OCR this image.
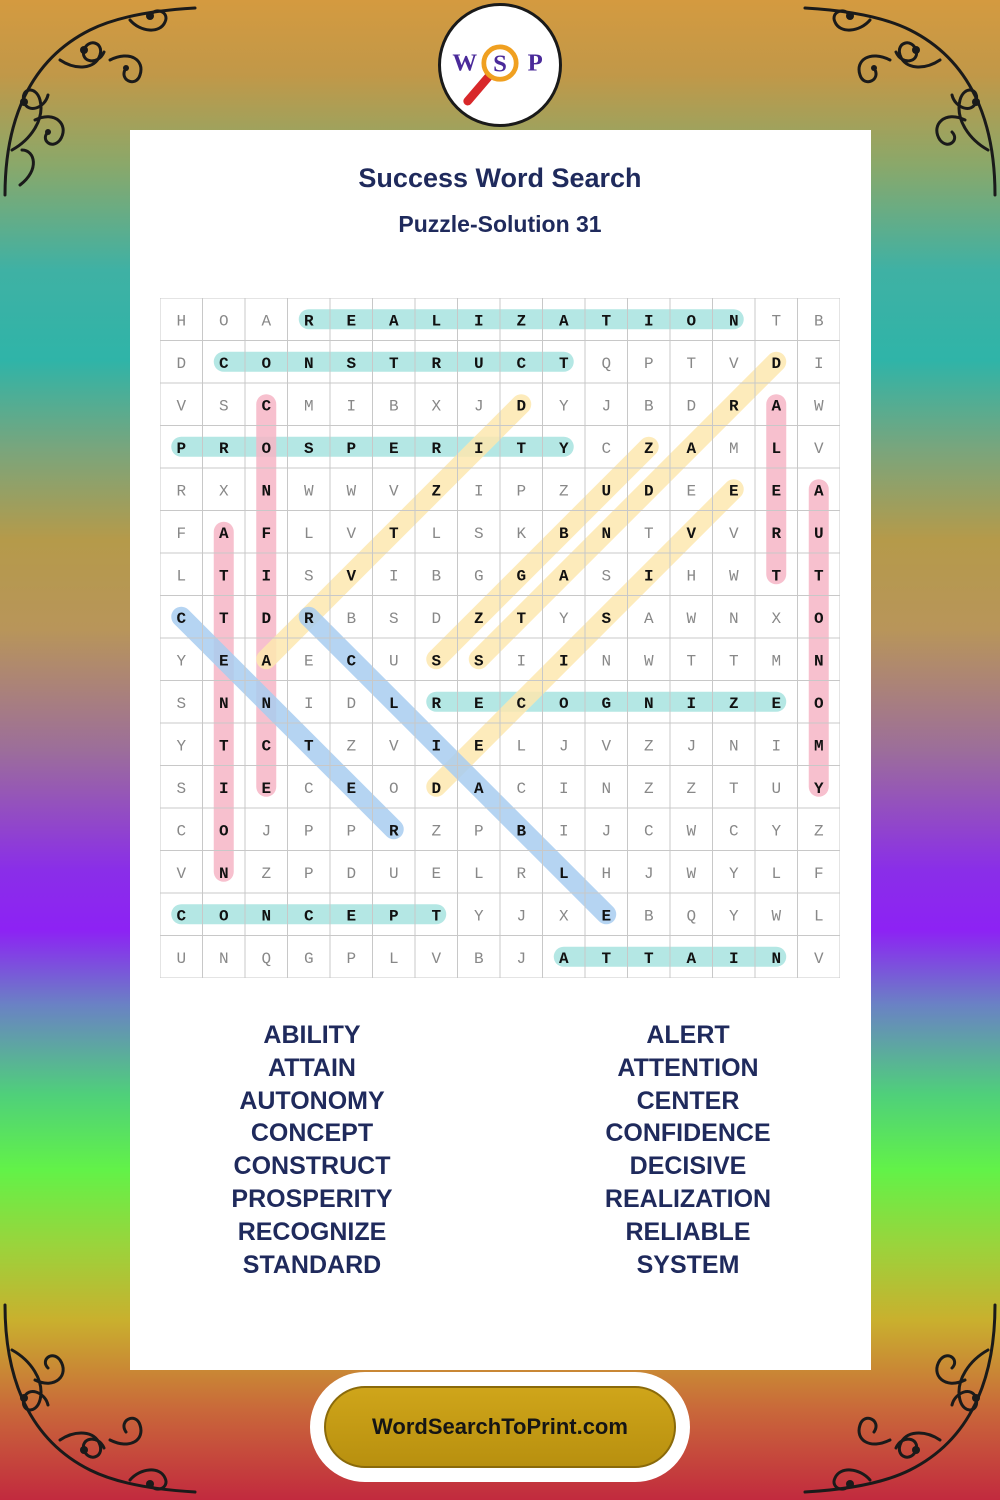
W S P
Success Word Search
Puzzle-Solution 31
H O A R E A L I Z A T I O N T B
D C O N S T R U C T Q P T V D I
V S C M I B X J D Y J B D R A W
P R O S P E R I T Y C Z A M L V
R X N W W V Z I P Z U D E E E A
F A F L V T L S K B N T V V R U
L T I S V I B G G A S I H W T T
C T D R B S D Z T Y S A W N X O
Y E A E C U S S I I N W T T M N
S N N I D L R E C O G N I Z E O
Y T C T Z V I E L J V Z J N I M
S I E C E O D A C I N Z Z T U Y
C O J P P R Z P B I J C W C Y Z
V N Z P D U E L R L H J W Y L F
C O N C E P T Y J X E B Q Y W L
U N Q G P L V B J A T T A I N V
ABILITY
ATTAIN
AUTONOMY
CONCEPT
CONSTRUCT
PROSPERITY
RECOGNIZE
STANDARD
ALERT
ATTENTION
CENTER
CONFIDENCE
DECISIVE
REALIZATION
RELIABLE
SYSTEM
WordSearchToPrint.com
